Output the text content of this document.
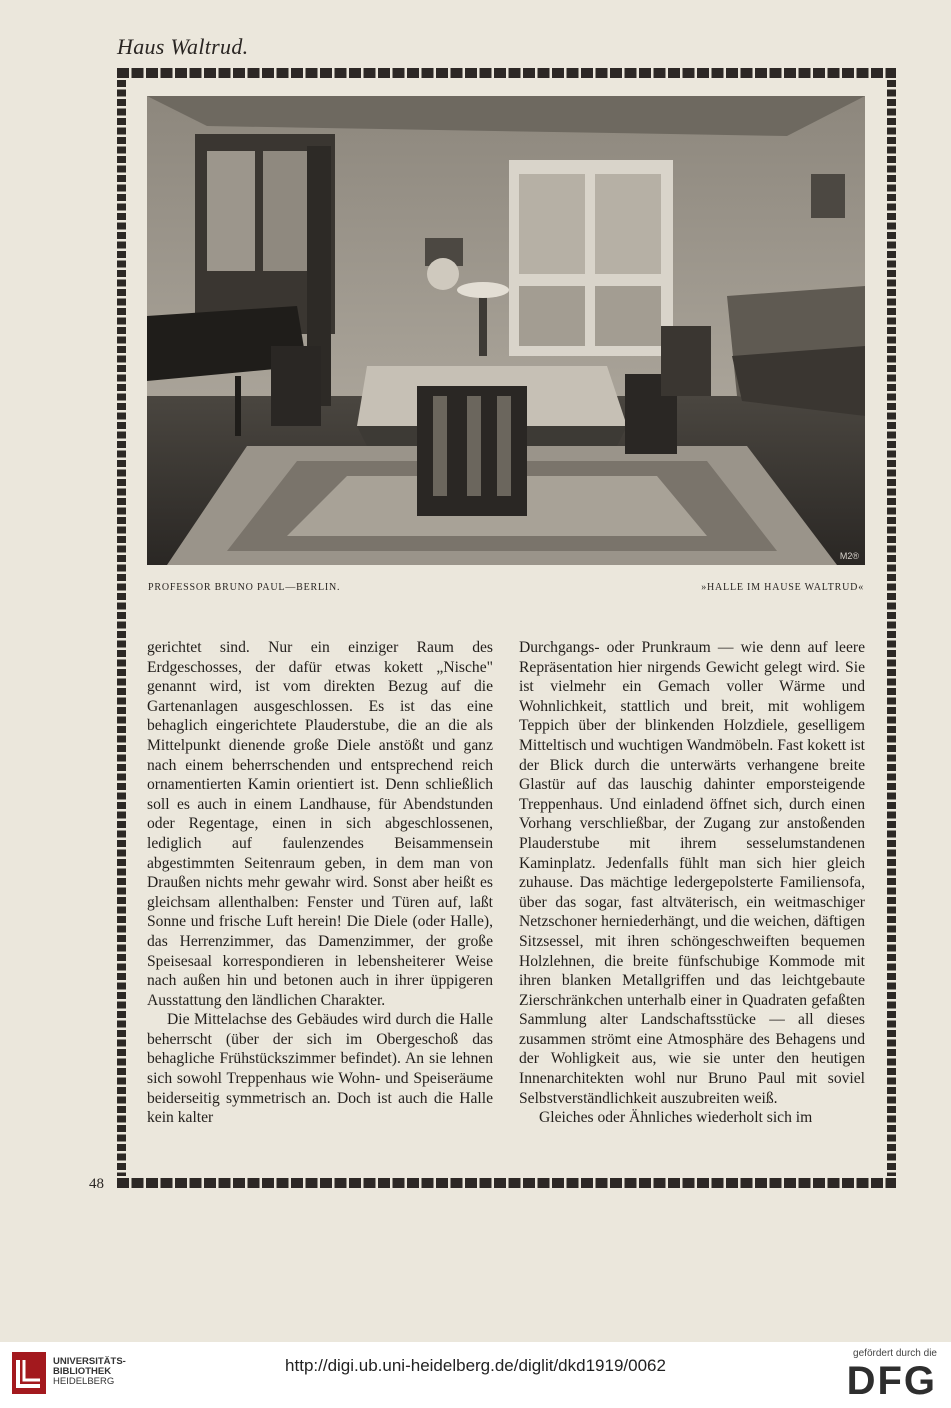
Haus Waltrud.
M2®
PROFESSOR BRUNO PAUL—BERLIN.	»HALLE IM HAUSE WALTRUD«

gerichtet sind. Nur ein einziger Raum des Erdgeschosses, der dafür etwas kokett „Nische" genannt wird, ist vom direkten Bezug auf die Gartenanlagen ausgeschlossen. Es ist das eine behaglich eingerichtete Plauderstube, die an die als Mittelpunkt dienende große Diele anstößt und ganz nach einem beherrschenden und entsprechend reich ornamentierten Kamin orientiert ist. Denn schließlich soll es auch in einem Landhause, für Abendstunden oder Regentage, einen in sich abgeschlossenen, lediglich auf faulenzendes Beisammensein abgestimmten Seitenraum geben, in dem man von Draußen nichts mehr gewahr wird. Sonst aber heißt es gleichsam allenthalben: Fenster und Türen auf, laßt Sonne und frische Luft herein! Die Diele (oder Halle), das Herrenzimmer, das Damenzimmer, der große Speisesaal korrespondieren in lebensheiterer Weise nach außen hin und betonen auch in ihrer üppigeren Ausstattung den ländlichen Charakter.

Die Mittelachse des Gebäudes wird durch die Halle beherrscht (über der sich im Obergeschoß das behagliche Frühstückszimmer befindet). An sie lehnen sich sowohl Treppenhaus wie Wohn- und Speiseräume beiderseitig symmetrisch an. Doch ist auch die Halle kein kalter

Durchgangs- oder Prunkraum — wie denn auf leere Repräsentation hier nirgends Gewicht gelegt wird. Sie ist vielmehr ein Gemach voller Wärme und Wohnlichkeit, stattlich und breit, mit wohligem Teppich über der blinkenden Holzdiele, geselligem Mitteltisch und wuchtigen Wandmöbeln. Fast kokett ist der Blick durch die unterwärts verhangene breite Glastür auf das lauschig dahinter emporsteigende Treppenhaus. Und einladend öffnet sich, durch einen Vorhang verschließbar, der Zugang zur anstoßenden Plauderstube mit ihrem sesselumstandenen Kaminplatz. Jedenfalls fühlt man sich hier gleich zuhause. Das mächtige ledergepolsterte Familiensofa, über das sogar, fast altväterisch, ein weitmaschiger Netzschoner herniederhängt, und die weichen, däftigen Sitzsessel, mit ihren schöngeschweiften bequemen Holzlehnen, die breite fünfschubige Kommode mit ihren blanken Metallgriffen und das leichtgebaute Zierschränkchen unterhalb einer in Quadraten gefaßten Sammlung alter Landschaftsstücke — all dieses zusammen strömt eine Atmosphäre des Behagens und der Wohligkeit aus, wie sie unter den heutigen Innenarchitekten wohl nur Bruno Paul mit soviel Selbstverständlichkeit auszubreiten weiß.

Gleiches oder Ähnliches wiederholt sich im

48
UNIVERSITÄTS-
BIBLIOTHEK
HEIDELBERG
http://digi.ub.uni-heidelberg.de/diglit/dkd1919/0062
gefördert durch die
DFG
